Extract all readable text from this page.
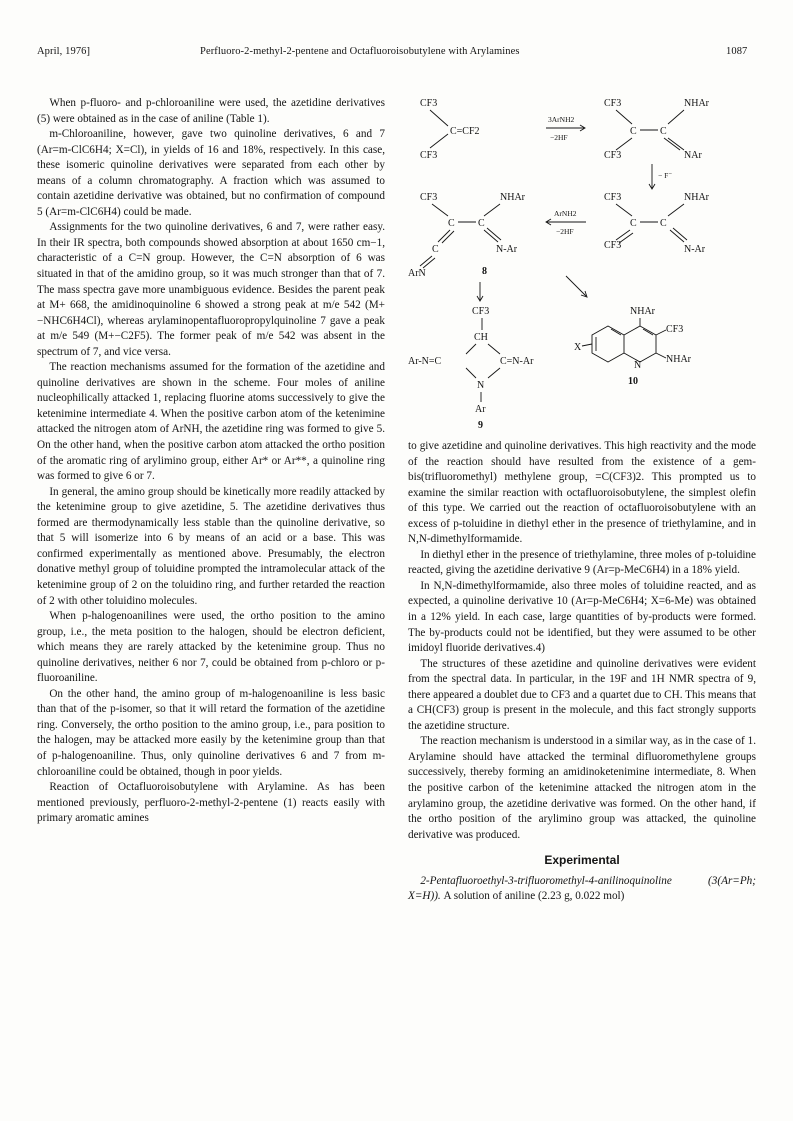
April, 1976]	Perfluoro-2-methyl-2-pentene and Octafluoroisobutylene with Arylamines	1087

When p-fluoro- and p-chloroaniline were used, the azetidine derivatives (5) were obtained as in the case of aniline (Table 1).

m-Chloroaniline, however, gave two quinoline derivatives, 6 and 7 (Ar=m-ClC6H4; X=Cl), in yields of 16 and 18%, respectively. In this case, these isomeric quinoline derivatives were separated from each other by means of a column chromatography. A fraction which was assumed to contain azetidine derivative was obtained, but no confirmation of compound 5 (Ar=m-ClC6H4) could be made.

Assignments for the two quinoline derivatives, 6 and 7, were rather easy. In their IR spectra, both compounds showed absorption at about 1650 cm−1, characteristic of a C=N group. However, the C=N absorption of 6 was situated in that of the amidino group, so it was much stronger than that of 7. The mass spectra gave more unambiguous evidence. Besides the parent peak at M+ 668, the amidinoquinoline 6 showed a strong peak at m/e 542 (M+−NHC6H4Cl), whereas arylaminopentafluoropropylquinoline 7 gave a peak at m/e 549 (M+−C2F5). The former peak of m/e 542 was absent in the spectrum of 7, and vice versa.

The reaction mechanisms assumed for the formation of the azetidine and quinoline derivatives are shown in the scheme. Four moles of aniline nucleophilically attacked 1, replacing fluorine atoms successively to give the ketenimine intermediate 4. When the positive carbon atom of the ketenimine attacked the nitrogen atom of ArNH, the azetidine ring was formed to give 5. On the other hand, when the positive carbon atom attacked the ortho position of the aromatic ring of arylimino group, either Ar* or Ar**, a quinoline ring was formed to give 6 or 7.

In general, the amino group should be kinetically more readily attacked by the ketenimine group to give azetidine, 5. The azetidine derivatives thus formed are thermodynamically less stable than the quinoline derivative, so that 5 will isomerize into 6 by means of an acid or a base. This was confirmed experimentally as mentioned above. Presumably, the electron donative methyl group of toluidine prompted the intramolecular attack of the ketenimine group of 2 on the toluidino ring, and further retarded the reaction of 2 with other toluidino molecules.

When p-halogenoanilines were used, the ortho position to the amino group, i.e., the meta position to the halogen, should be electron deficient, which means they are rarely attacked by the ketenimine group. Thus no quinoline derivatives, neither 6 nor 7, could be obtained from p-chloro or p-fluoroaniline.

On the other hand, the amino group of m-halogenoaniline is less basic than that of the p-isomer, so that it will retard the formation of the azetidine ring. Conversely, the ortho position to the amino group, i.e., para position to the halogen, may be attacked more easily by the ketenimine group than that of p-halogenoaniline. Thus, only quinoline derivatives 6 and 7 from m-chloroaniline could be obtained, though in poor yields.

Reaction of Octafluoroisobutylene with Arylamine. As has been mentioned previously, perfluoro-2-methyl-2-pentene (1) reacts easily with primary aromatic amines

CF3
CF3
C=CF2
3ArNH2
−2HF
CF3	NHAr
C C
CF3	NAr
− F⁻
CF3	NHAr
C C
C	N-Ar
ArN	8
ArNH2
−2HF
CF3	NHAr
C C
CF3	N-Ar
CF3
CH
Ar-N=C	C=N-Ar
N
Ar
9
NHAr
CF3
N
NHAr
X
10

to give azetidine and quinoline derivatives. This high reactivity and the mode of the reaction should have resulted from the existence of a gem-bis(trifluoromethyl) methylene group, =C(CF3)2. This prompted us to examine the similar reaction with octafluoroisobutylene, the simplest olefin of this type. We carried out the reaction of octafluoroisobutylene with an excess of p-toluidine in diethyl ether in the presence of triethylamine, and in N,N-dimethylformamide.

In diethyl ether in the presence of triethylamine, three moles of p-toluidine reacted, giving the azetidine derivative 9 (Ar=p-MeC6H4) in a 18% yield.

In N,N-dimethylformamide, also three moles of toluidine reacted, and as expected, a quinoline derivative 10 (Ar=p-MeC6H4; X=6-Me) was obtained in a 12% yield. In each case, large quantities of by-products were formed. The by-products could not be identified, but they were assumed to be other imidoyl fluoride derivatives.4)

The structures of these azetidine and quinoline derivatives were evident from the spectral data. In particular, in the 19F and 1H NMR spectra of 9, there appeared a doublet due to CF3 and a quartet due to CH. This means that a CH(CF3) group is present in the molecule, and this fact strongly supports the azetidine structure.

The reaction mechanism is understood in a similar way, as in the case of 1. Arylamine should have attacked the terminal difluoromethylene groups successively, thereby forming an amidinoketenimine intermediate, 8. When the positive carbon of the ketenimine attacked the nitrogen atom in the arylamino group, the azetidine derivative was formed. On the other hand, if the ortho position of the arylimino group was attacked, the quinoline derivative was produced.

Experimental

2-Pentafluoroethyl-3-trifluoromethyl-4-anilinoquinoline (3(Ar=Ph; X=H)). A solution of aniline (2.23 g, 0.022 mol)
